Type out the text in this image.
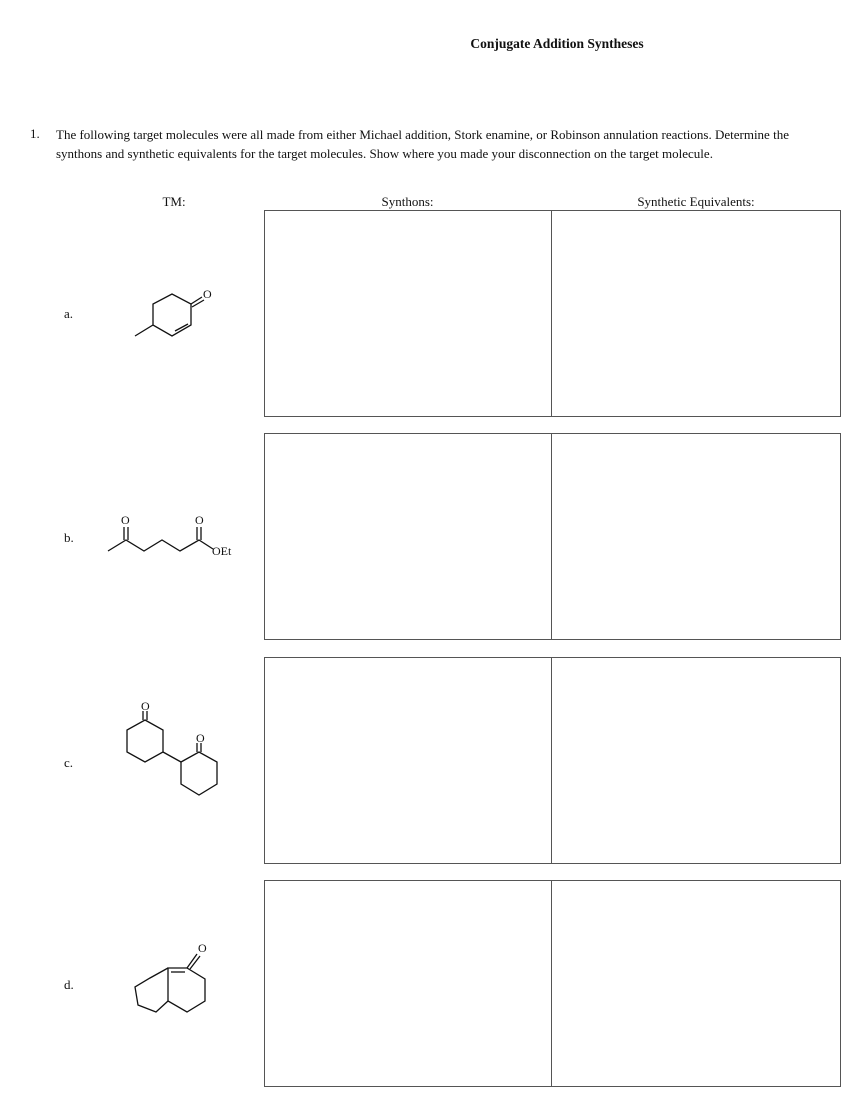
Conjugate Addition Syntheses
1. The following target molecules were all made from either Michael addition, Stork enamine, or Robinson annulation reactions. Determine the synthons and synthetic equivalents for the target molecules. Show where you made your disconnection on the target molecule.
TM:	Synthons:	Synthetic Equivalents:
a.
O
b.
O	O
OEt
c.
O
O
d.
O
